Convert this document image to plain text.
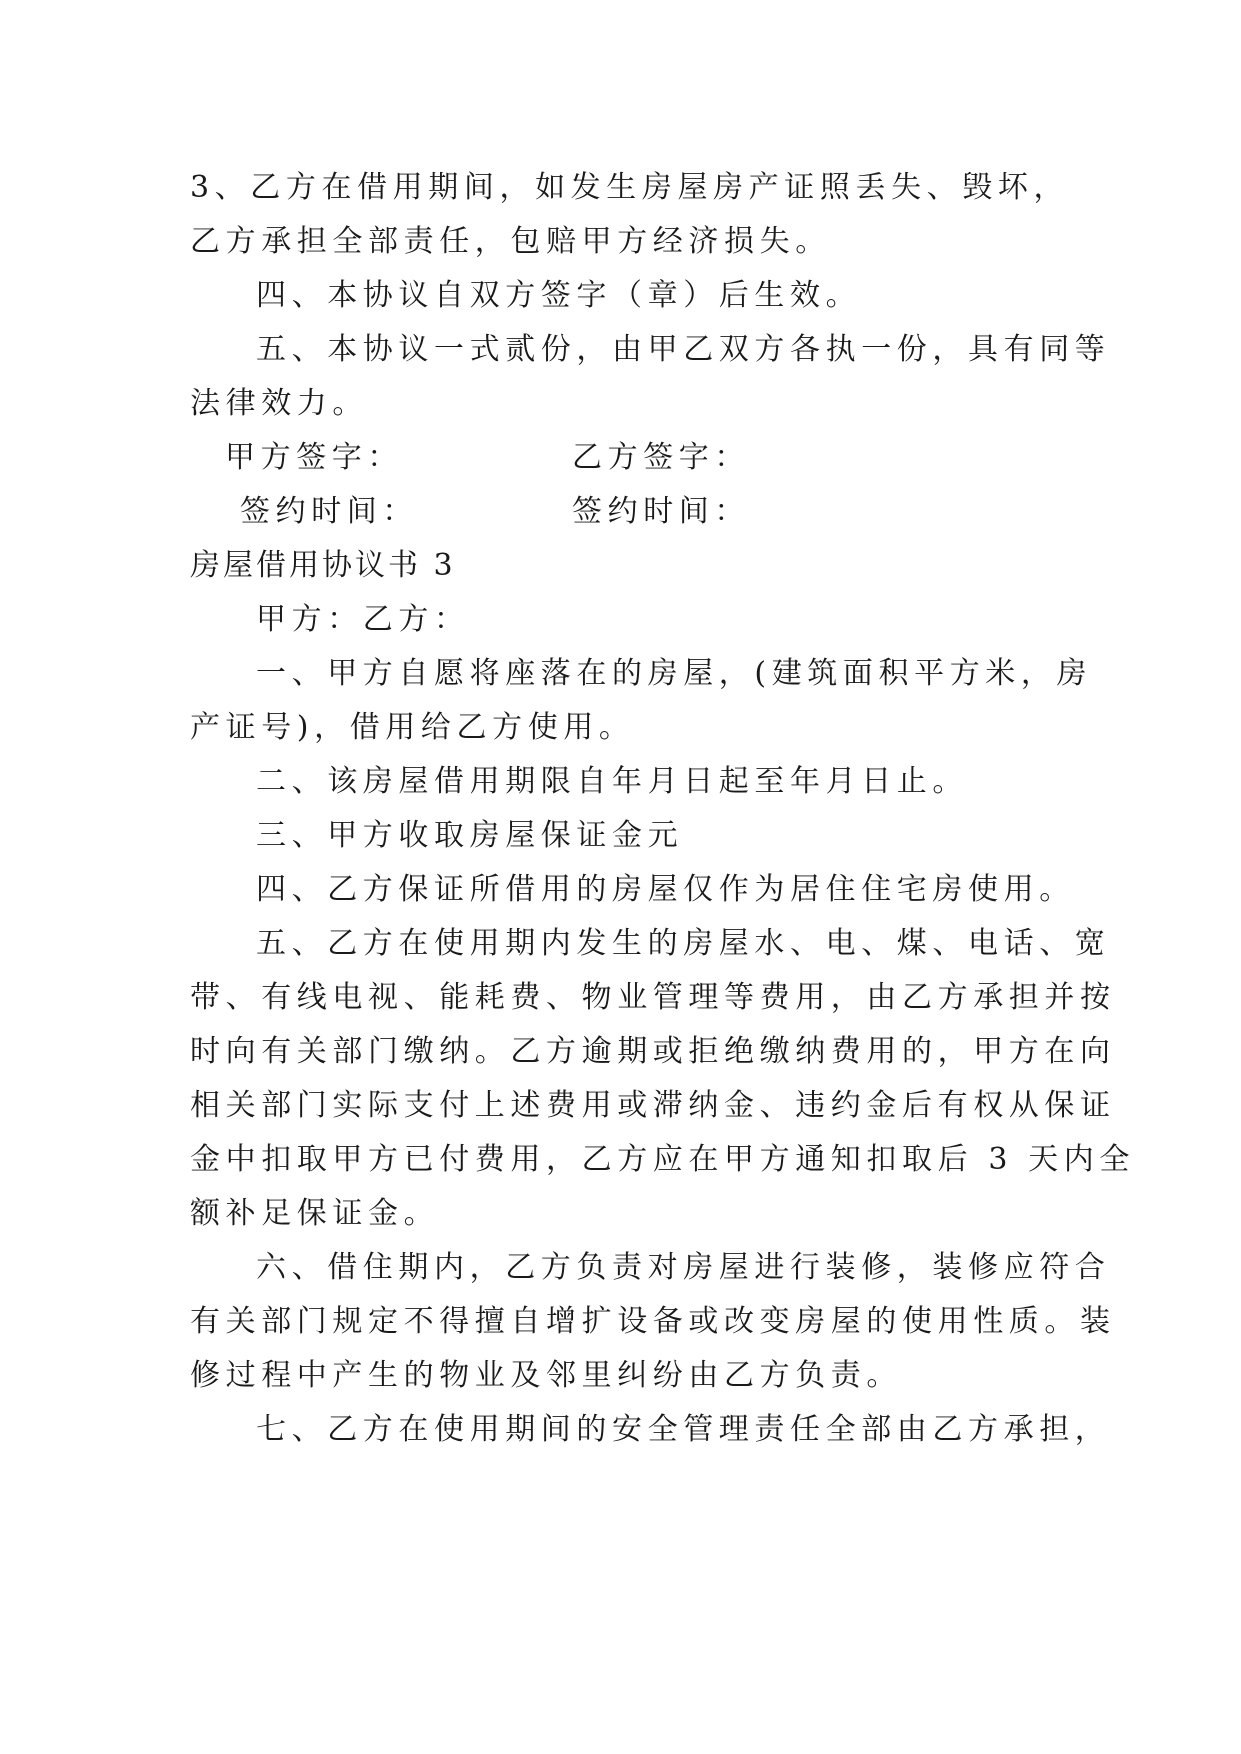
3、乙方在借用期间，如发生房屋房产证照丢失、毁坏，
乙方承担全部责任，包赔甲方经济损失。
四、本协议自双方签字（章）后生效。
五、本协议一式贰份，由甲乙双方各执一份，具有同等
法律效力。
甲方签字：	乙方签字：
签约时间：	签约时间：
房屋借用协议书 3
甲方：乙方：
一、甲方自愿将座落在的房屋，(建筑面积平方米，房
产证号)，借用给乙方使用。
二、该房屋借用期限自年月日起至年月日止。
三、甲方收取房屋保证金元
四、乙方保证所借用的房屋仅作为居住住宅房使用。
五、乙方在使用期内发生的房屋水、电、煤、电话、宽
带、有线电视、能耗费、物业管理等费用，由乙方承担并按
时向有关部门缴纳。乙方逾期或拒绝缴纳费用的，甲方在向
相关部门实际支付上述费用或滞纳金、违约金后有权从保证
金中扣取甲方已付费用，乙方应在甲方通知扣取后 3 天内全
额补足保证金。
六、借住期内，乙方负责对房屋进行装修，装修应符合
有关部门规定不得擅自增扩设备或改变房屋的使用性质。装
修过程中产生的物业及邻里纠纷由乙方负责。
七、乙方在使用期间的安全管理责任全部由乙方承担，
